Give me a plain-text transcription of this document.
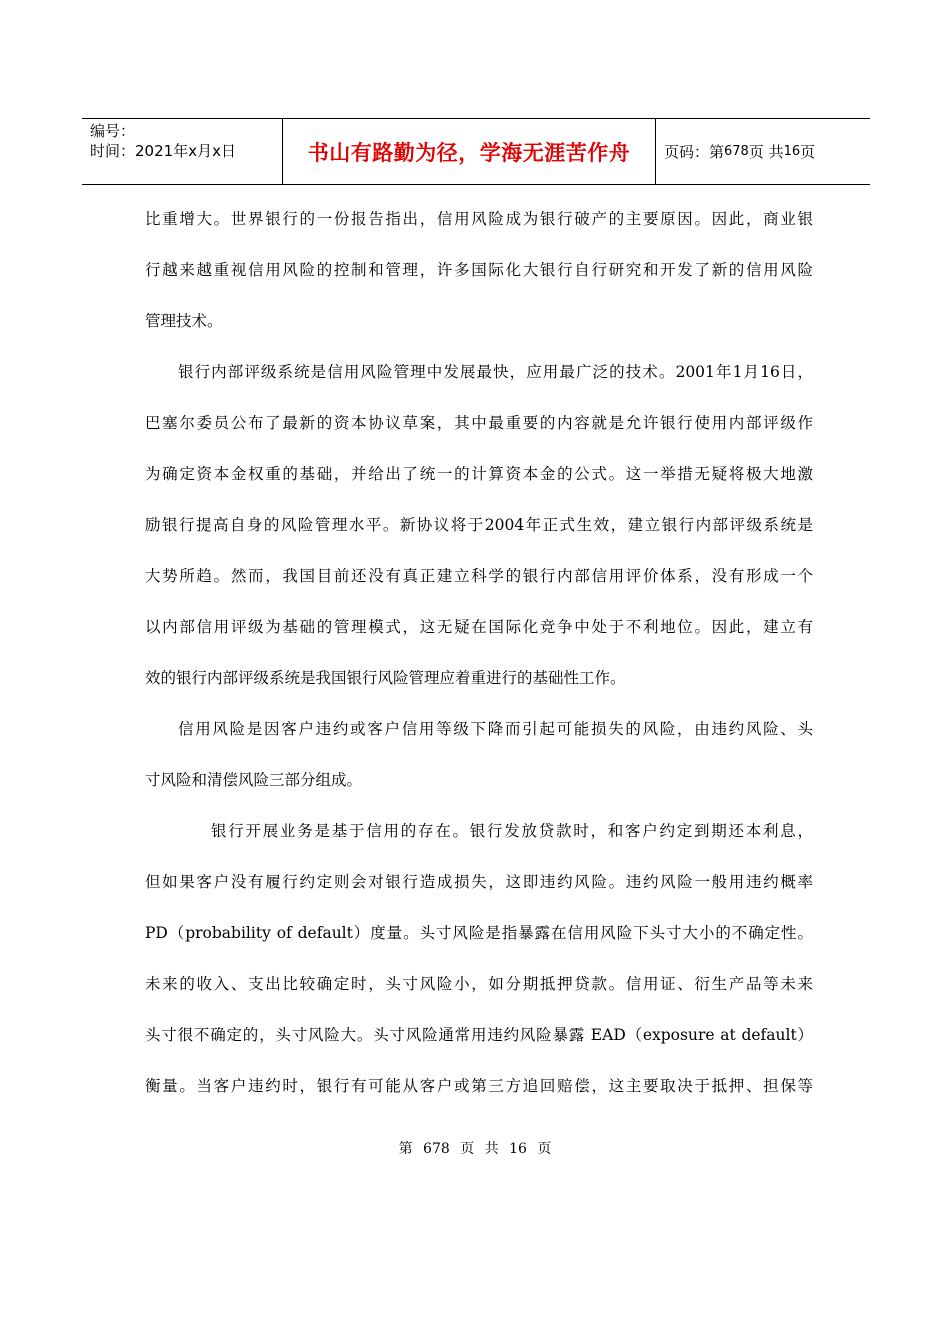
编号：
时间：2021年x月x日	书山有路勤为径，学海无涯苦作舟	页码：第 678 页 共 16 页
比重增大。世界银行的一份报告指出，信用风险成为银行破产的主要原因。因此，商业银
行越来越重视信用风险的控制和管理，许多国际化大银行自行研究和开发了新的信用风险
管理技术。
银行内部评级系统是信用风险管理中发展最快，应用最广泛的技术。2001年1月16日，
巴塞尔委员公布了最新的资本协议草案，其中最重要的内容就是允许银行使用内部评级作
为确定资本金权重的基础，并给出了统一的计算资本金的公式。这一举措无疑将极大地激
励银行提高自身的风险管理水平。新协议将于2004年正式生效，建立银行内部评级系统是
大势所趋。然而，我国目前还没有真正建立科学的银行内部信用评价体系，没有形成一个
以内部信用评级为基础的管理模式，这无疑在国际化竞争中处于不利地位。因此，建立有
效的银行内部评级系统是我国银行风险管理应着重进行的基础性工作。
信用风险是因客户违约或客户信用等级下降而引起可能损失的风险，由违约风险、头
寸风险和清偿风险三部分组成。
银行开展业务是基于信用的存在。银行发放贷款时，和客户约定到期还本利息，
但如果客户没有履行约定则会对银行造成损失，这即违约风险。违约风险一般用违约概率
PD（probability of default）度量。头寸风险是指暴露在信用风险下头寸大小的不确定性。
未来的收入、支出比较确定时，头寸风险小，如分期抵押贷款。信用证、衍生产品等未来
头寸很不确定的，头寸风险大。头寸风险通常用违约风险暴露 EAD（exposure at default）
衡量。当客户违约时，银行有可能从客户或第三方追回赔偿，这主要取决于抵押、担保等
第 678 页 共 16 页
